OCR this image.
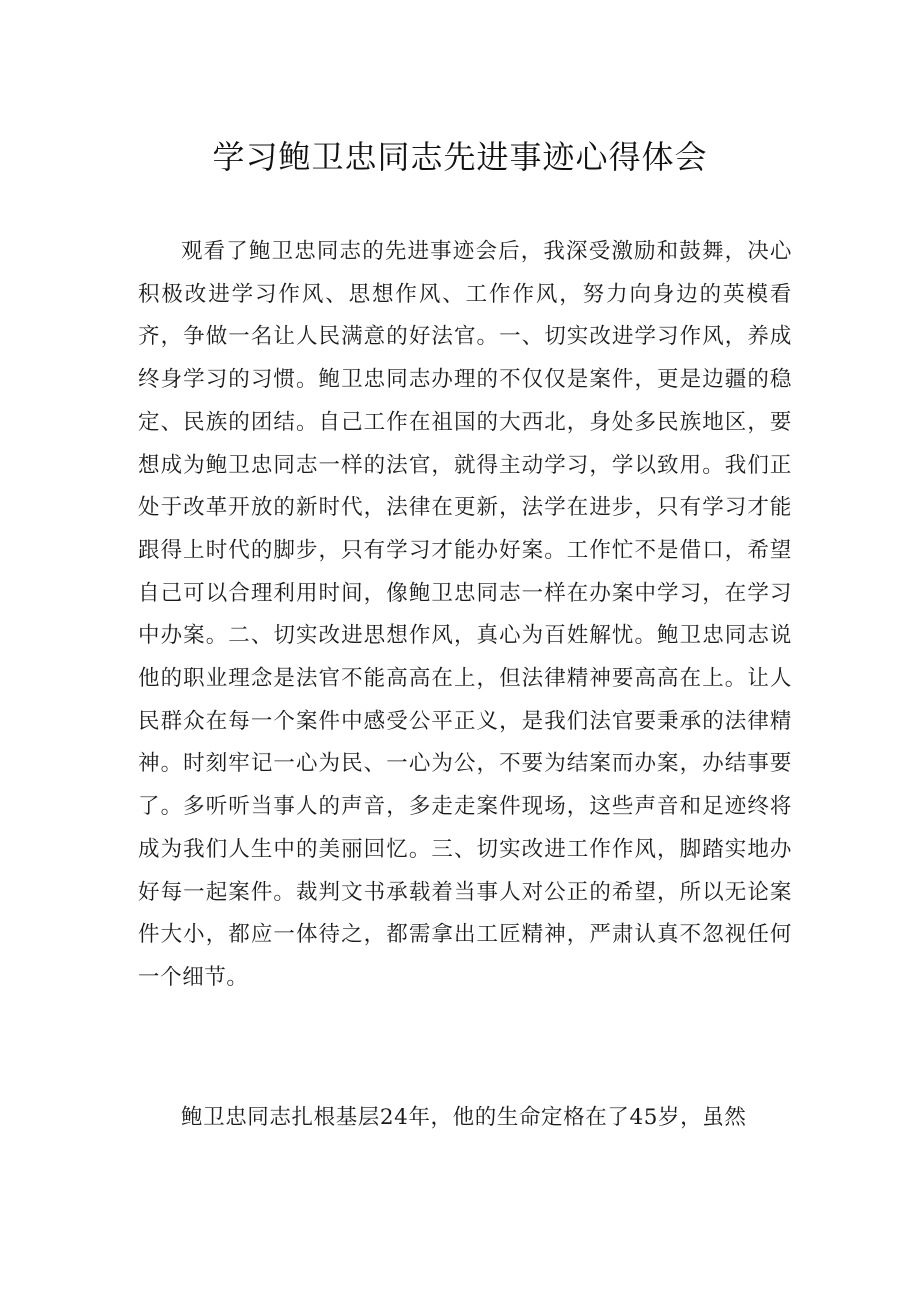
学习鲍卫忠同志先进事迹心得体会

观看了鲍卫忠同志的先进事迹会后，我深受激励和鼓舞，决心积极改进学习作风、思想作风、工作作风，努力向身边的英模看齐，争做一名让人民满意的好法官。一、切实改进学习作风，养成终身学习的习惯。鲍卫忠同志办理的不仅仅是案件，更是边疆的稳定、民族的团结。自己工作在祖国的大西北，身处多民族地区，要想成为鲍卫忠同志一样的法官，就得主动学习，学以致用。我们正处于改革开放的新时代，法律在更新，法学在进步，只有学习才能跟得上时代的脚步，只有学习才能办好案。工作忙不是借口，希望自己可以合理利用时间，像鲍卫忠同志一样在办案中学习，在学习中办案。二、切实改进思想作风，真心为百姓解忧。鲍卫忠同志说他的职业理念是法官不能高高在上，但法律精神要高高在上。让人民群众在每一个案件中感受公平正义，是我们法官要秉承的法律精神。时刻牢记一心为民、一心为公，不要为结案而办案，办结事要了。多听听当事人的声音，多走走案件现场，这些声音和足迹终将成为我们人生中的美丽回忆。三、切实改进工作作风，脚踏实地办好每一起案件。裁判文书承载着当事人对公正的希望，所以无论案件大小，都应一体待之，都需拿出工匠精神，严肃认真不忽视任何一个细节。

鲍卫忠同志扎根基层24年，他的生命定格在了45岁，虽然
